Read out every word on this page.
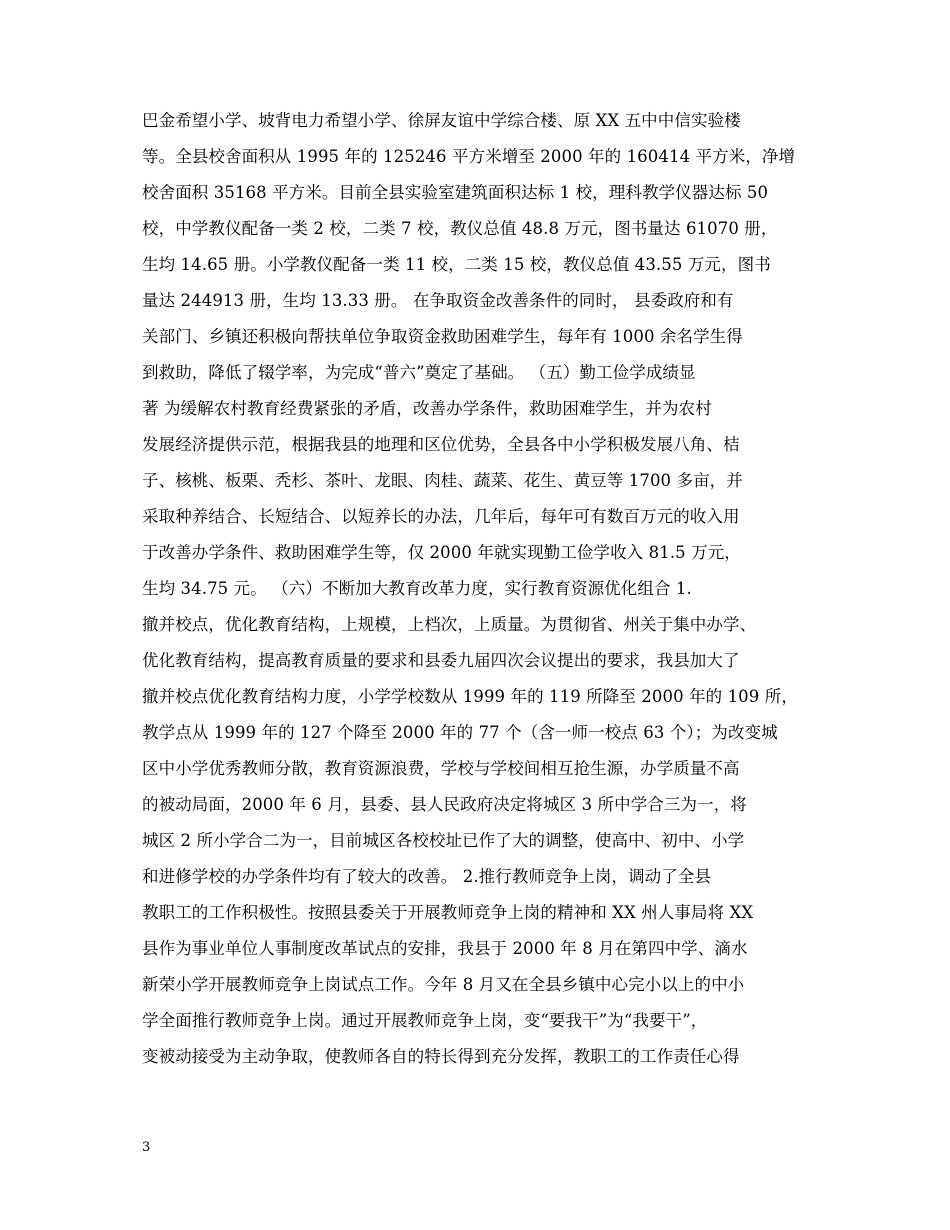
巴金希望小学、坡背电力希望小学、徐屏友谊中学综合楼、原 XX 五中中信实验楼
等。全县校舍面积从 1995 年的 125246 平方米增至 2000 年的 160414 平方米，净增
校舍面积 35168 平方米。目前全县实验室建筑面积达标 1 校，理科教学仪器达标 50
校，中学教仪配备一类 2 校，二类 7 校，教仪总值 48.8 万元，图书量达 61070 册，
生均 14.65 册。小学教仪配备一类 11 校，二类 15 校，教仪总值 43.55 万元，图书
量达 244913 册，生均 13.33 册。 在争取资金改善条件的同时， 县委政府和有
关部门、乡镇还积极向帮扶单位争取资金救助困难学生，每年有 1000 余名学生得
到救助，降低了辍学率，为完成“普六”奠定了基础。 （五）勤工俭学成绩显
著 为缓解农村教育经费紧张的矛盾，改善办学条件，救助困难学生，并为农村
发展经济提供示范，根据我县的地理和区位优势，全县各中小学积极发展八角、桔
子、核桃、板栗、秃杉、茶叶、龙眼、肉桂、蔬菜、花生、黄豆等 1700 多亩，并
采取种养结合、长短结合、以短养长的办法，几年后，每年可有数百万元的收入用
于改善办学条件、救助困难学生等，仅 2000 年就实现勤工俭学收入 81.5 万元，
生均 34.75 元。 （六）不断加大教育改革力度，实行教育资源优化组合 1.
撤并校点，优化教育结构，上规模，上档次，上质量。为贯彻省、州关于集中办学、
优化教育结构，提高教育质量的要求和县委九届四次会议提出的要求，我县加大了
撤并校点优化教育结构力度，小学学校数从 1999 年的 119 所降至 2000 年的 109 所，
教学点从 1999 年的 127 个降至 2000 年的 77 个（含一师一校点 63 个）；为改变城
区中小学优秀教师分散，教育资源浪费，学校与学校间相互抢生源，办学质量不高
的被动局面，2000 年 6 月，县委、县人民政府决定将城区 3 所中学合三为一，将
城区 2 所小学合二为一，目前城区各校校址已作了大的调整，使高中、初中、小学
和进修学校的办学条件均有了较大的改善。 2.推行教师竞争上岗，调动了全县
教职工的工作积极性。按照县委关于开展教师竞争上岗的精神和 XX 州人事局将 XX
县作为事业单位人事制度改革试点的安排，我县于 2000 年 8 月在第四中学、滴水
新荣小学开展教师竞争上岗试点工作。今年 8 月又在全县乡镇中心完小以上的中小
学全面推行教师竞争上岗。通过开展教师竞争上岗，变“要我干”为“我要干”，
变被动接受为主动争取，使教师各自的特长得到充分发挥，教职工的工作责任心得
3
